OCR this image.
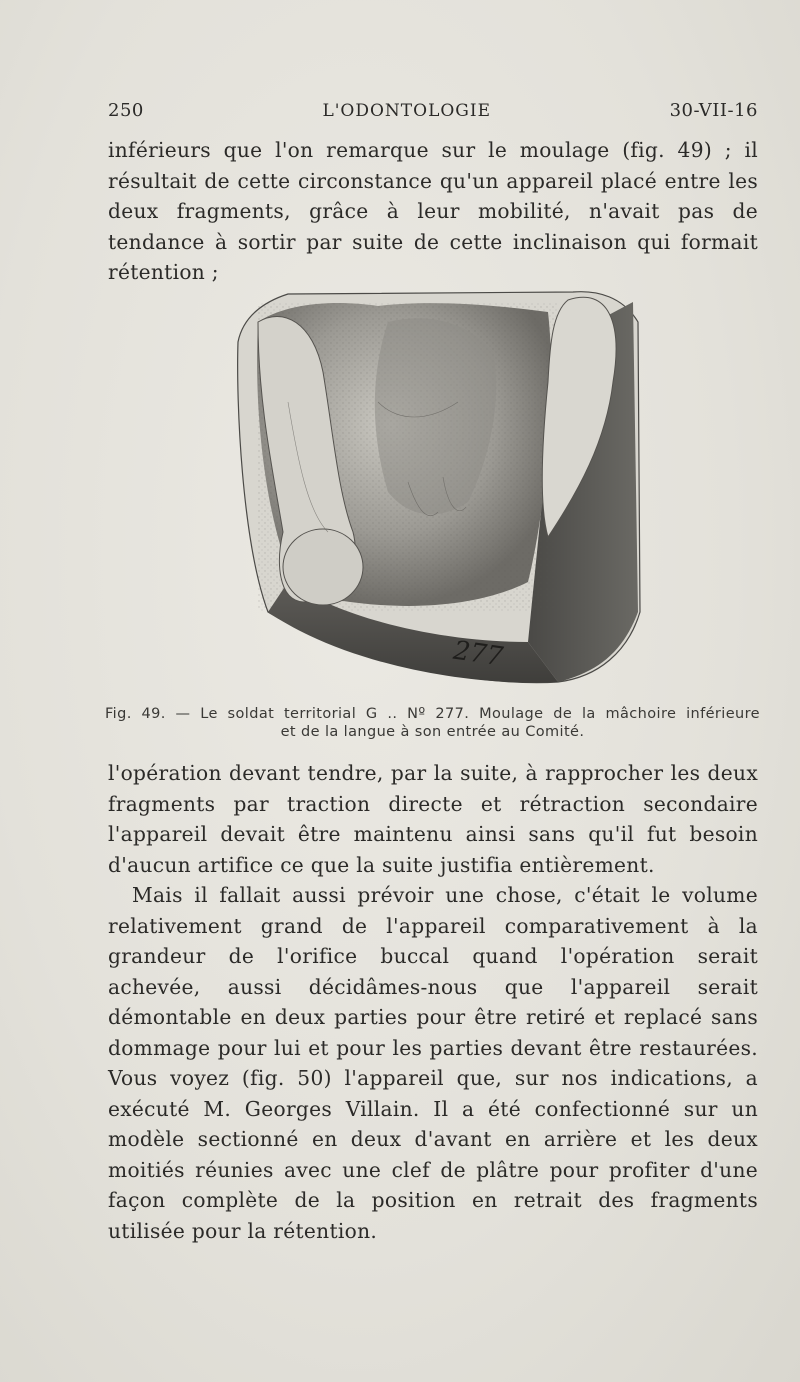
250	L'ODONTOLOGIE	30-VII-16

inférieurs que l'on remarque sur le moulage (fig. 49) ; il résultait de cette circonstance qu'un appareil placé entre les deux fragments, grâce à leur mobilité, n'avait pas de tendance à sortir par suite de cette inclinaison qui formait rétention ;

277
Fig. 49. — Le soldat territorial G .. Nº 277. Moulage de la mâchoire inférieure
et de la langue à son entrée au Comité.

l'opération devant tendre, par la suite, à rapprocher les deux fragments par traction directe et rétraction secondaire l'appareil devait être maintenu ainsi sans qu'il fut besoin d'aucun artifice ce que la suite justifia entièrement.

Mais il fallait aussi prévoir une chose, c'était le volume relativement grand de l'appareil comparativement à la grandeur de l'orifice buccal quand l'opération serait achevée, aussi décidâmes-nous que l'appareil serait démontable en deux parties pour être retiré et replacé sans dommage pour lui et pour les parties devant être restaurées. Vous voyez (fig. 50) l'appareil que, sur nos indications, a exécuté M. Georges Villain. Il a été confectionné sur un modèle sectionné en deux d'avant en arrière et les deux moitiés réunies avec une clef de plâtre pour profiter d'une façon complète de la position en retrait des fragments utilisée pour la rétention.
